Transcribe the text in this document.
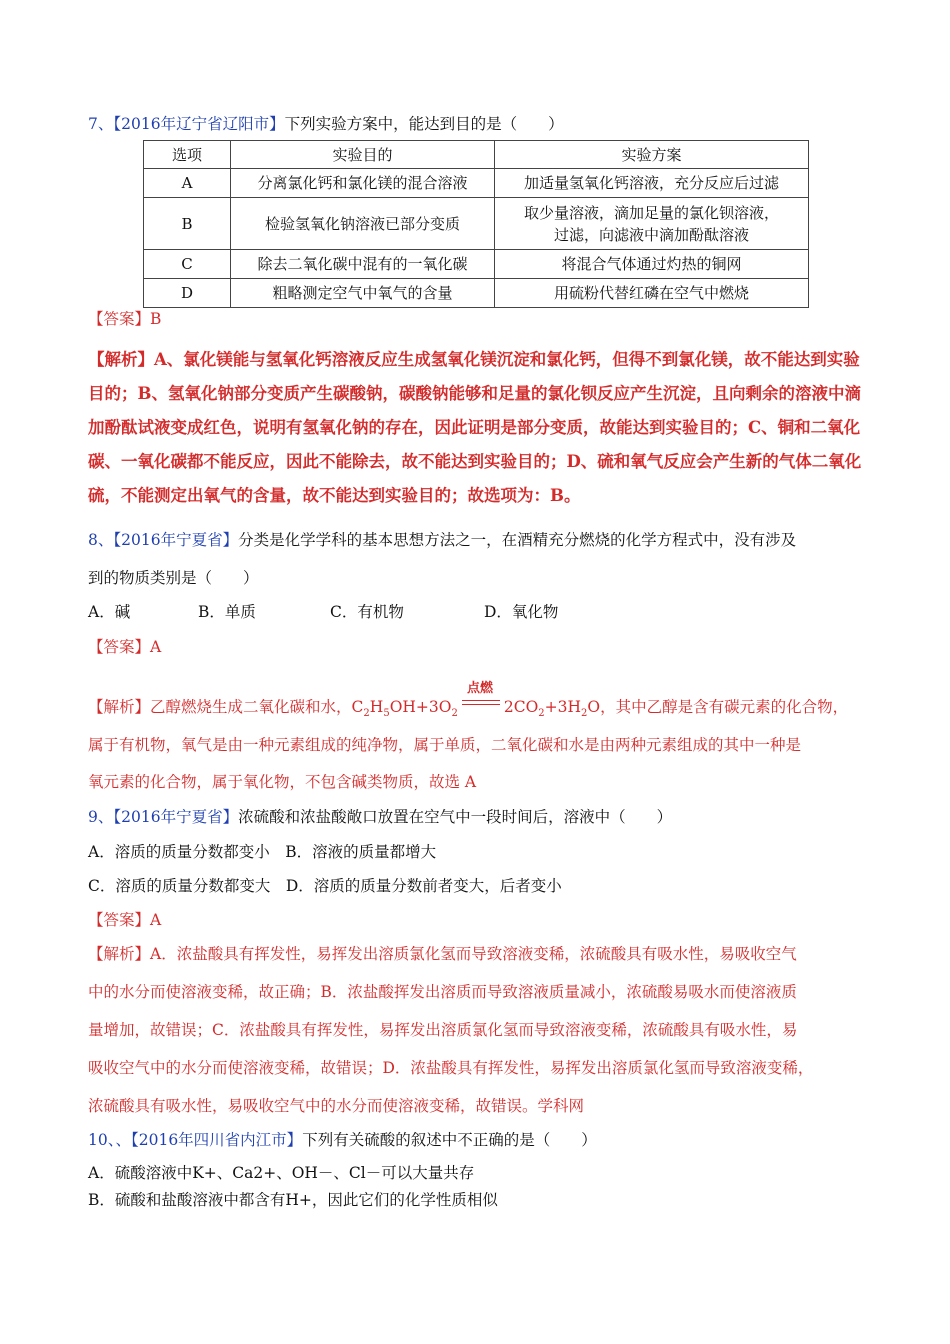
7、【2016年辽宁省辽阳市】下列实验方案中，能达到目的是（　　）
选项	实验目的	实验方案
A	分离氯化钙和氯化镁的混合溶液	加适量氢氧化钙溶液，充分反应后过滤
B	检验氢氧化钠溶液已部分变质	取少量溶液，滴加足量的氯化钡溶液，
过滤，向滤液中滴加酚酞溶液

C	除去二氧化碳中混有的一氧化碳	将混合气体通过灼热的铜网
D	粗略测定空气中氧气的含量	用硫粉代替红磷在空气中燃烧
【答案】B

【解析】A、氯化镁能与氢氧化钙溶液反应生成氢氧化镁沉淀和氯化钙，但得不到氯化镁，故不能达到实验

目的；B、氢氧化钠部分变质产生碳酸钠，碳酸钠能够和足量的氯化钡反应产生沉淀，且向剩余的溶液中滴

加酚酞试液变成红色，说明有氢氧化钠的存在，因此证明是部分变质，故能达到实验目的；C、铜和二氧化

碳、一氧化碳都不能反应，因此不能除去，故不能达到实验目的；D、硫和氧气反应会产生新的气体二氧化

硫，不能测定出氧气的含量，故不能达到实验目的；故选项为：B。

8、【2016年宁夏省】分类是化学学科的基本思想方法之一，在酒精充分燃烧的化学方程式中，没有涉及
到的物质类别是（　　）
A．碱	B．单质	C．有机物	D．氧化物
【答案】A
【解析】乙醇燃烧生成二氧化碳和水，$C_2H_5OH+3O_2$	$2CO_2+3H_2O$，其中乙醇是含有碳元素的化合物，
点燃
属于有机物，氧气是由一种元素组成的纯净物，属于单质，二氧化碳和水是由两种元素组成的其中一种是
氧元素的化合物，属于氧化物，不包含碱类物质，故选 A
9、【2016年宁夏省】浓硫酸和浓盐酸敞口放置在空气中一段时间后，溶液中（　　）
A．溶质的质量分数都变小　B．溶液的质量都增大
C．溶质的质量分数都变大　D．溶质的质量分数前者变大，后者变小
【答案】A
【解析】A．浓盐酸具有挥发性，易挥发出溶质氯化氢而导致溶液变稀，浓硫酸具有吸水性，易吸收空气
中的水分而使溶液变稀，故正确；B．浓盐酸挥发出溶质而导致溶液质量减小，浓硫酸易吸水而使溶液质
量增加，故错误；C．浓盐酸具有挥发性，易挥发出溶质氯化氢而导致溶液变稀，浓硫酸具有吸水性，易
吸收空气中的水分而使溶液变稀，故错误；D．浓盐酸具有挥发性，易挥发出溶质氯化氢而导致溶液变稀，
浓硫酸具有吸水性，易吸收空气中的水分而使溶液变稀，故错误。学科网
10、、【2016年四川省内江市】下列有关硫酸的叙述中不正确的是（　　）
A．硫酸溶液中K+、Ca2+、OH－、Cl－可以大量共存
B．硫酸和盐酸溶液中都含有H+，因此它们的化学性质相似
